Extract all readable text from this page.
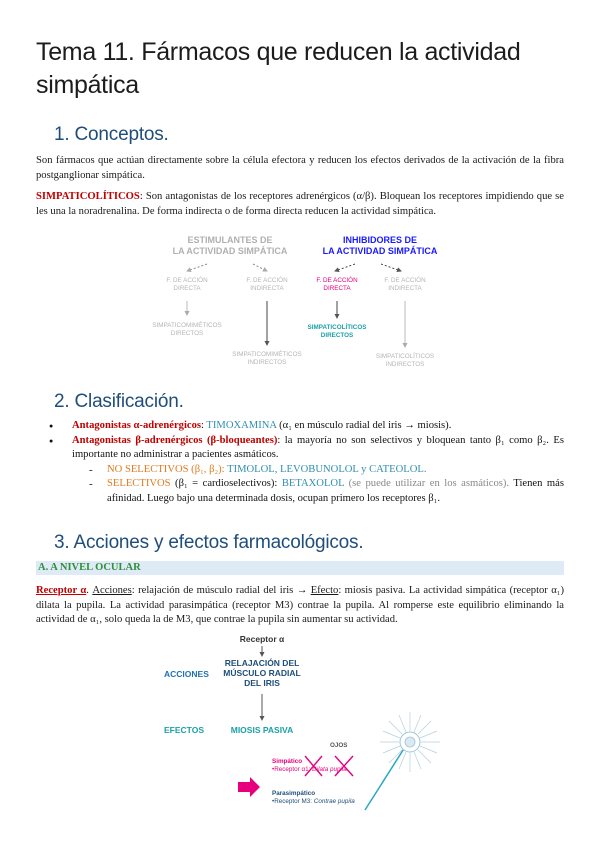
Tema 11. Fármacos que reducen la actividad simpática
1. Conceptos.

Son fármacos que actúan directamente sobre la célula efectora y reducen los efectos derivados de la activación de la fibra postganglionar simpática.

SIMPATICOLÍTICOS: Son antagonistas de los receptores adrenérgicos (α/β). Bloquean los receptores impidiendo que se les una la noradrenalina. De forma indirecta o de forma directa reducen la actividad simpática.

ESTIMULANTES DE
LA ACTIVIDAD SIMPÁTICA
INHIBIDORES DE
LA ACTIVIDAD SIMPÁTICA
F. DE ACCIÓN
DIRECTA
F. DE ACCIÓN
INDIRECTA
F. DE ACCIÓN
DIRECTA
F. DE ACCIÓN
INDIRECTA
SIMPATICOMIMÉTICOS
DIRECTOS
SIMPATICOMIMÉTICOS
INDIRECTOS
SIMPATICOLÍTICOS
DIRECTOS
SIMPATICOLÍTICOS
INDIRECTOS
2. Clasificación.
● Antagonistas α-adrenérgicos: TIMOXAMINA (α₁ en músculo radial del iris → miosis).
● Antagonistas β-adrenérgicos (β-bloqueantes): la mayoría no son selectivos y bloquean tanto β₁ como β₂. Es importante no administrar a pacientes asmáticos.
- NO SELECTIVOS (β₁, β₂): TIMOLOL, LEVOBUNOLOL y CATEOLOL.
- SELECTIVOS (β₁ = cardioselectivos): BETAXOLOL (se puede utilizar en los asmáticos). Tienen más afinidad. Luego bajo una determinada dosis, ocupan primero los receptores β₁.
3. Acciones y efectos farmacológicos.
A. A NIVEL OCULAR

Receptor α. Acciones: relajación de músculo radial del iris → Efecto: miosis pasiva. La actividad simpática (receptor α₁) dilata la pupila. La actividad parasimpática (receptor M3) contrae la pupila. Al romperse este equilibrio eliminando la actividad de α₁, solo queda la de M3, que contrae la pupila sin aumentar su actividad.

Receptor α
ACCIONES
EFECTOS
RELAJACIÓN DEL
MÚSCULO RADIAL
DEL IRIS
MIOSIS PASIVA
OJOS
Simpático
•Receptor α1: Dilata pupila
Parasimpático
•Receptor M3: Contrae pupila
